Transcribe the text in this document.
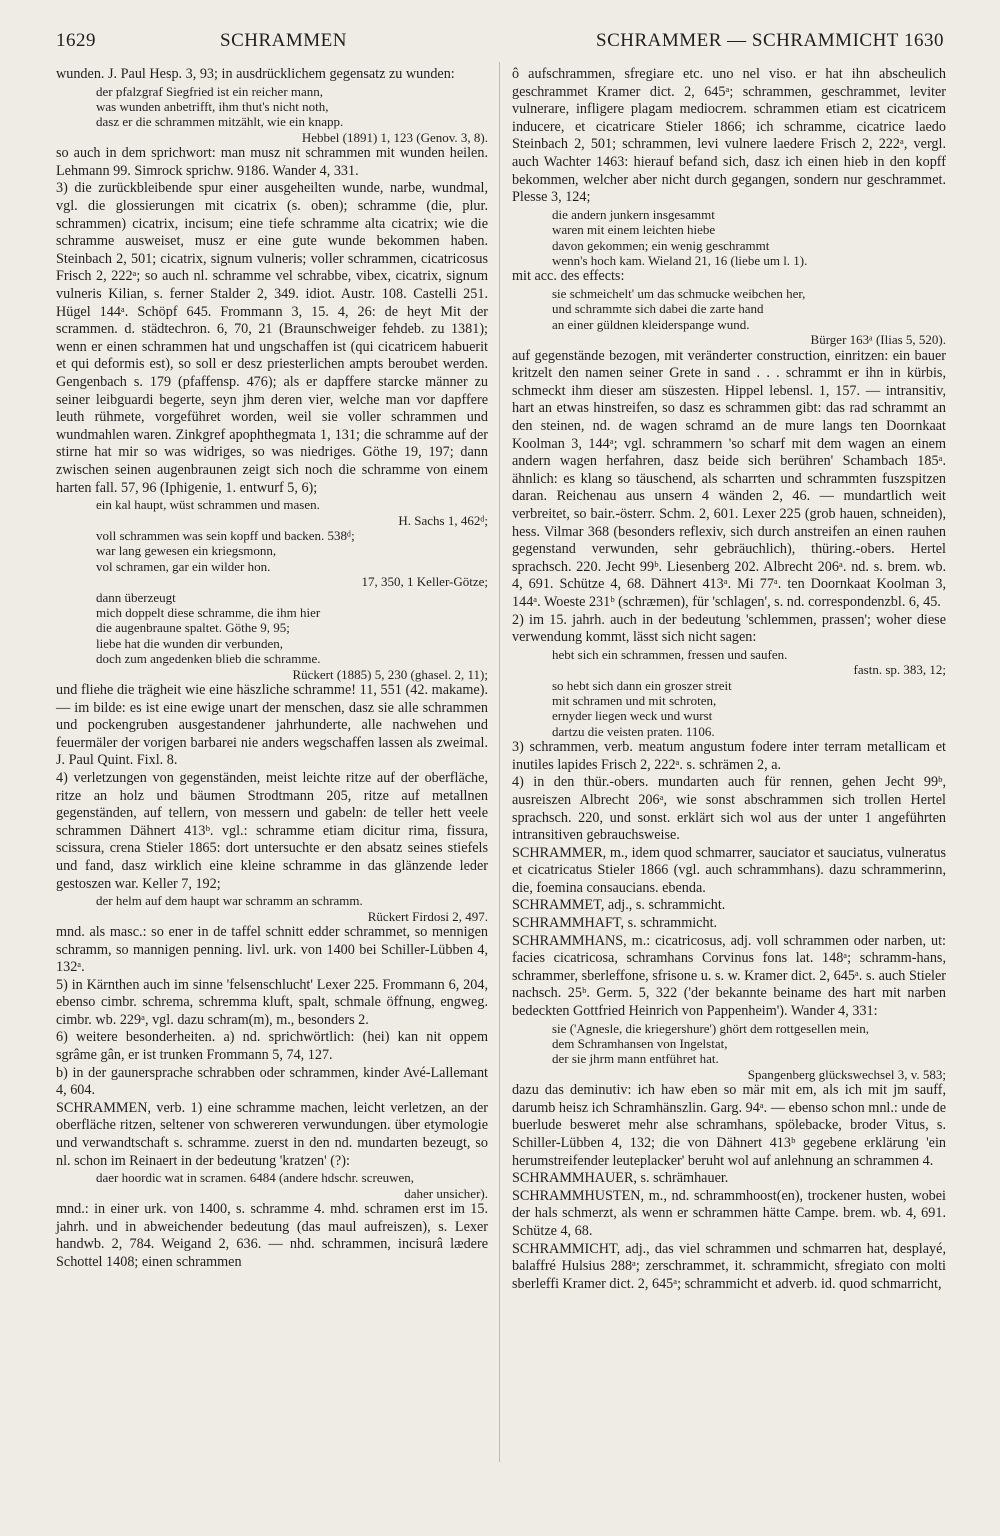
1629	SCHRAMMEN	SCHRAMMER — SCHRAMMICHT 1630

wunden. J. Paul Hesp. 3, 93; in ausdrücklichem gegensatz zu wunden:

der pfalzgraf Siegfried ist ein reicher mann,
was wunden anbetrifft, ihm thut's nicht noth,
dasz er die schrammen mitzählt, wie ein knapp.
Hebbel (1891) 1, 123 (Genov. 3, 8).

so auch in dem sprichwort: man musz nit schrammen mit wunden heilen. Lehmann 99. Simrock sprichw. 9186. Wander 4, 331.

3) die zurückbleibende spur einer ausgeheilten wunde, narbe, wundmal, vgl. die glossierungen mit cicatrix (s. oben); schramme (die, plur. schrammen) cicatrix, incisum; eine tiefe schramme alta cicatrix; wie die schramme ausweiset, musz er eine gute wunde bekommen haben. Steinbach 2, 501; cicatrix, signum vulneris; voller schrammen, cicatricosus Frisch 2, 222ᵃ; so auch nl. schramme vel schrabbe, vibex, cicatrix, signum vulneris Kilian, s. ferner Stalder 2, 349. idiot. Austr. 108. Castelli 251. Hügel 144ᵃ. Schöpf 645. Frommann 3, 15. 4, 26: de heyt Mit der scrammen. d. städtechron. 6, 70, 21 (Braunschweiger fehdeb. zu 1381); wenn er einen schrammen hat und ungschaffen ist (qui cicatricem habuerit et qui deformis est), so soll er desz priesterlichen ampts beroubet werden. Gengenbach s. 179 (pfaffensp. 476); als er dapffere starcke männer zu seiner leibguardi begerte, seyn jhm deren vier, welche man vor dapffere leuth rühmete, vorgeführet worden, weil sie voller schrammen und wundmahlen waren. Zinkgref apophthegmata 1, 131; die schramme auf der stirne hat mir so was widriges, so was niedriges. Göthe 19, 197; dann zwischen seinen augenbraunen zeigt sich noch die schramme von einem harten fall. 57, 96 (Iphigenie, 1. entwurf 5, 6);

ein kal haupt, wüst schrammen und masen.
H. Sachs 1, 462ᵈ;
voll schrammen was sein kopff und backen. 538ᵈ;
war lang gewesen ein kriegsmonn,
vol schramen, gar ein wilder hon.
17, 350, 1 Keller-Götze;
dann überzeugt
mich doppelt diese schramme, die ihm hier
die augenbraune spaltet. Göthe 9, 95;
liebe hat die wunden dir verbunden,
doch zum angedenken blieb die schramme.
Rückert (1885) 5, 230 (ghasel. 2, 11);

und fliehe die trägheit wie eine häszliche schramme! 11, 551 (42. makame). — im bilde: es ist eine ewige unart der menschen, dasz sie alle schrammen und pockengruben ausgestandener jahrhunderte, alle nachwehen und feuermäler der vorigen barbarei nie anders wegschaffen lassen als zweimal. J. Paul Quint. Fixl. 8.

4) verletzungen von gegenständen, meist leichte ritze auf der oberfläche, ritze an holz und bäumen Strodtmann 205, ritze auf metallnen gegenständen, auf tellern, von messern und gabeln: de teller hett veele schrammen Dähnert 413ᵇ. vgl.: schramme etiam dicitur rima, fissura, scissura, crena Stieler 1865: dort untersuchte er den absatz seines stiefels und fand, dasz wirklich eine kleine schramme in das glänzende leder gestoszen war. Keller 7, 192;

der helm auf dem haupt war schramm an schramm.
Rückert Firdosi 2, 497.

mnd. als masc.: so ener in de taffel schnitt edder schrammet, so mennigen schramm, so mannigen penning. livl. urk. von 1400 bei Schiller-Lübben 4, 132ᵃ.

5) in Kärnthen auch im sinne 'felsenschlucht' Lexer 225. Frommann 6, 204, ebenso cimbr. schrema, schremma kluft, spalt, schmale öffnung, engweg. cimbr. wb. 229ᵃ, vgl. dazu schram(m), m., besonders 2.

6) weitere besonderheiten. a) nd. sprichwörtlich: (hei) kan nit oppem sgrâme gân, er ist trunken Frommann 5, 74, 127.

b) in der gaunersprache schrabben oder schrammen, kinder Avé-Lallemant 4, 604.

SCHRAMMEN, verb. 1) eine schramme machen, leicht verletzen, an der oberfläche ritzen, seltener von schwereren verwundungen. über etymologie und verwandtschaft s. schramme. zuerst in den nd. mundarten bezeugt, so nl. schon im Reinaert in der bedeutung 'kratzen' (?):

daer hoordic wat in scramen. 6484 (andere hdschr. screuwen,
daher unsicher).

mnd.: in einer urk. von 1400, s. schramme 4. mhd. schramen erst im 15. jahrh. und in abweichender bedeutung (das maul aufreiszen), s. Lexer handwb. 2, 784. Weigand 2, 636. — nhd. schrammen, incisurâ lædere Schottel 1408; einen schrammen

ô aufschrammen, sfregiare etc. uno nel viso. er hat ihn abscheulich geschrammet Kramer dict. 2, 645ᵃ; schrammen, geschrammet, leviter vulnerare, infligere plagam mediocrem. schrammen etiam est cicatricem inducere, et cicatricare Stieler 1866; ich schramme, cicatrice laedo Steinbach 2, 501; schrammen, levi vulnere laedere Frisch 2, 222ᵃ, vergl. auch Wachter 1463: hierauf befand sich, dasz ich einen hieb in den kopff bekommen, welcher aber nicht durch gegangen, sondern nur geschrammet. Plesse 3, 124;

die andern junkern insgesammt
waren mit einem leichten hiebe
davon gekommen; ein wenig geschrammt
wenn's hoch kam. Wieland 21, 16 (liebe um l. 1).

mit acc. des effects:

sie schmeichelt' um das schmucke weibchen her,
und schrammte sich dabei die zarte hand
an einer güldnen kleiderspange wund.
Bürger 163ᵃ (Ilias 5, 520).

auf gegenstände bezogen, mit veränderter construction, einritzen: ein bauer kritzelt den namen seiner Grete in sand . . . schrammt er ihn in kürbis, schmeckt ihm dieser am süszesten. Hippel lebensl. 1, 157. — intransitiv, hart an etwas hinstreifen, so dasz es schrammen gibt: das rad schrammt an den steinen, nd. de wagen schramd an de mure langs ten Doornkaat Koolman 3, 144ᵃ; vgl. schrammern 'so scharf mit dem wagen an einem andern wagen herfahren, dasz beide sich berühren' Schambach 185ᵃ. ähnlich: es klang so täuschend, als scharrten und schrammten fuszspitzen daran. Reichenau aus unsern 4 wänden 2, 46. — mundartlich weit verbreitet, so bair.-österr. Schm. 2, 601. Lexer 225 (grob hauen, schneiden), hess. Vilmar 368 (besonders reflexiv, sich durch anstreifen an einen rauhen gegenstand verwunden, sehr gebräuchlich), thüring.-obers. Hertel sprachsch. 220. Jecht 99ᵇ. Liesenberg 202. Albrecht 206ᵃ. nd. s. brem. wb. 4, 691. Schütze 4, 68. Dähnert 413ᵃ. Mi 77ᵃ. ten Doornkaat Koolman 3, 144ᵃ. Woeste 231ᵇ (schræmen), für 'schlagen', s. nd. correspondenzbl. 6, 45.

2) im 15. jahrh. auch in der bedeutung 'schlemmen, prassen'; woher diese verwendung kommt, lässt sich nicht sagen:

hebt sich ein schrammen, fressen und saufen.
fastn. sp. 383, 12;
so hebt sich dann ein groszer streit
mit schramen und mit schroten,
ernyder liegen weck und wurst
dartzu die veisten praten. 1106.

3) schrammen, verb. meatum angustum fodere inter terram metallicam et inutiles lapides Frisch 2, 222ᵃ. s. schrämen 2, a.

4) in den thür.-obers. mundarten auch für rennen, gehen Jecht 99ᵇ, ausreiszen Albrecht 206ᵃ, wie sonst abschrammen sich trollen Hertel sprachsch. 220, und sonst. erklärt sich wol aus der unter 1 angeführten intransitiven gebrauchsweise.

SCHRAMMER, m., idem quod schmarrer, sauciator et sauciatus, vulneratus et cicatricatus Stieler 1866 (vgl. auch schrammhans). dazu schrammerinn, die, foemina consaucians. ebenda.

SCHRAMMET, adj., s. schrammicht.

SCHRAMMHAFT, s. schrammicht.

SCHRAMMHANS, m.: cicatricosus, adj. voll schrammen oder narben, ut: facies cicatricosa, schramhans Corvinus fons lat. 148ᵃ; schramm-hans, schrammer, sberleffone, sfrisone u. s. w. Kramer dict. 2, 645ᵃ. s. auch Stieler nachsch. 25ᵇ. Germ. 5, 322 ('der bekannte beiname des hart mit narben bedeckten Gottfried Heinrich von Pappenheim'). Wander 4, 331:

sie ('Agnesle, die kriegershure') ghört dem rottgesellen mein,
dem Schramhansen von Ingelstat,
der sie jhrm mann entführet hat.
Spangenberg glückswechsel 3, v. 583;

dazu das deminutiv: ich haw eben so mär mit em, als ich mit jm sauff, darumb heisz ich Schramhänszlin. Garg. 94ᵃ. — ebenso schon mnl.: unde de buerlude besweret mehr alse schramhans, spölebacke, broder Vitus, s. Schiller-Lübben 4, 132; die von Dähnert 413ᵇ gegebene erklärung 'ein herumstreifender leuteplacker' beruht wol auf anlehnung an schrammen 4.

SCHRAMMHAUER, s. schrämhauer.

SCHRAMMHUSTEN, m., nd. schrammhoost(en), trockener husten, wobei der hals schmerzt, als wenn er schrammen hätte Campe. brem. wb. 4, 691. Schütze 4, 68.

SCHRAMMICHT, adj., das viel schrammen und schmarren hat, desplayé, balaffré Hulsius 288ᵃ; zerschrammet, it. schrammicht, sfregiato con molti sberleffi Kramer dict. 2, 645ᵃ; schrammicht et adverb. id. quod schmarricht,
